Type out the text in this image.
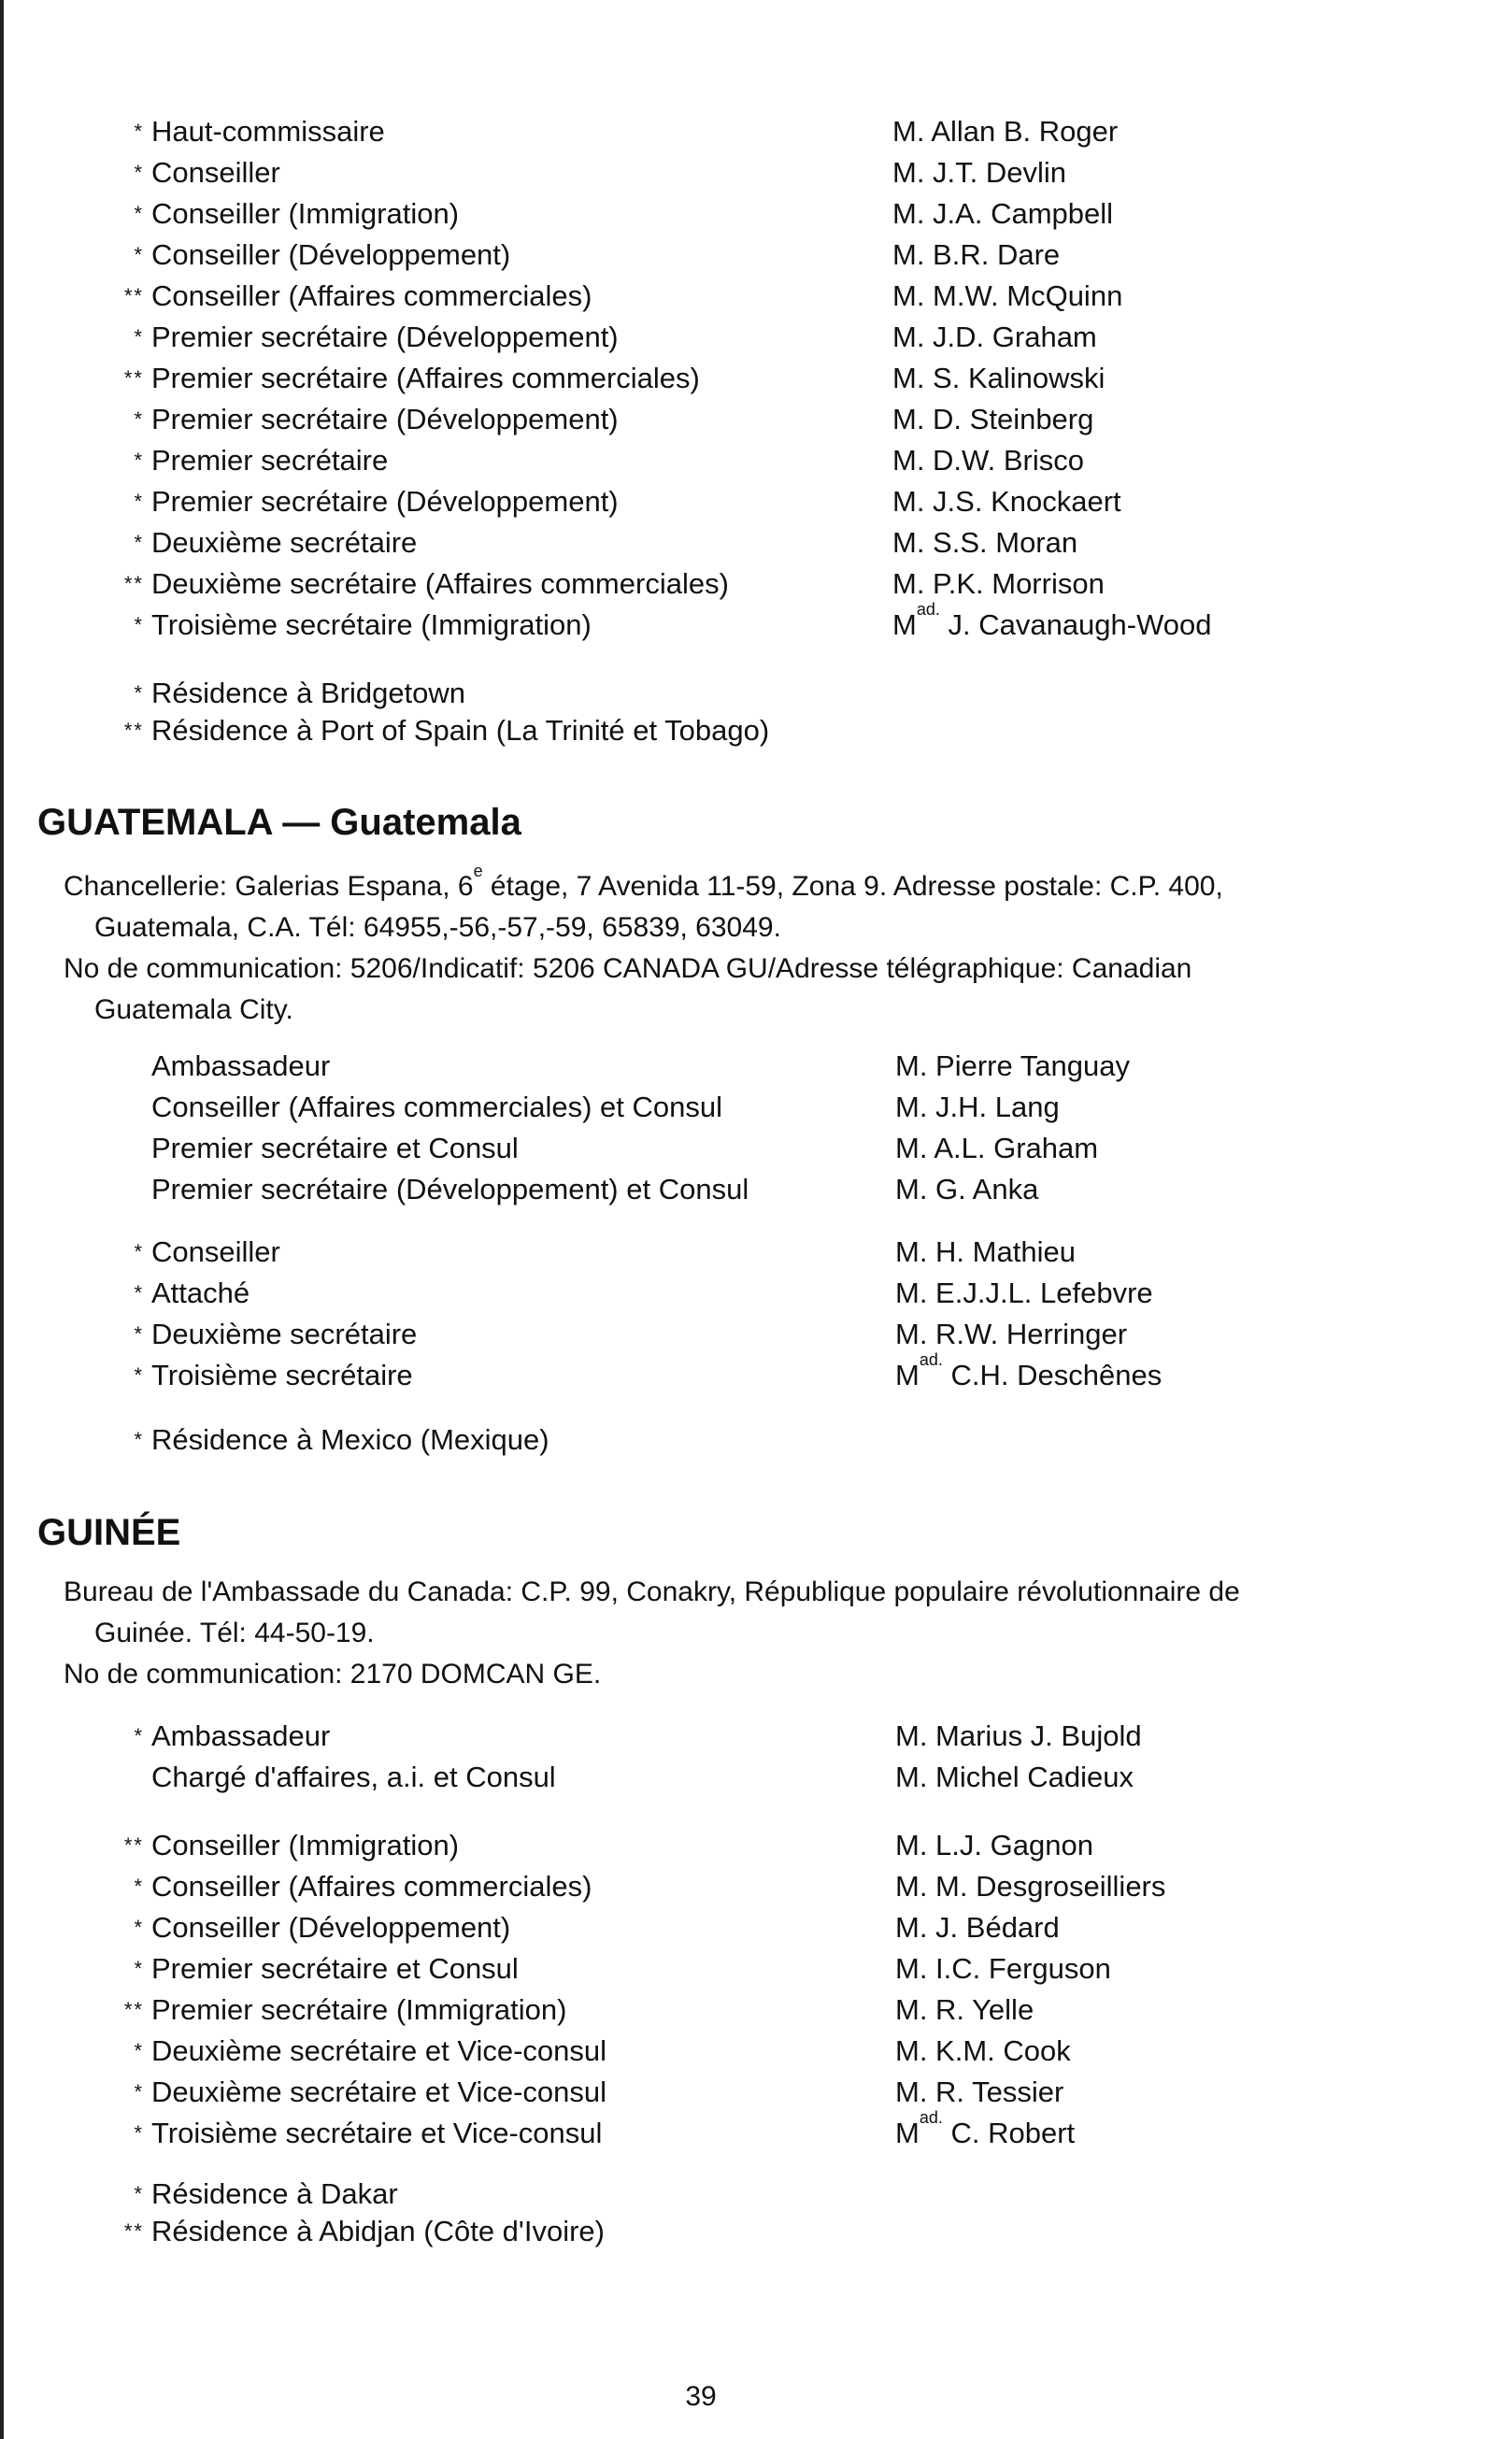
* Haut-commissaire	M. Allan B. Roger
* Conseiller	M. J.T. Devlin
* Conseiller (Immigration)	M. J.A. Campbell
* Conseiller (Développement)	M. B.R. Dare
** Conseiller (Affaires commerciales)	M. M.W. McQuinn
* Premier secrétaire (Développement)	M. J.D. Graham
** Premier secrétaire (Affaires commerciales)	M. S. Kalinowski
* Premier secrétaire (Développement)	M. D. Steinberg
* Premier secrétaire	M. D.W. Brisco
* Premier secrétaire (Développement)	M. J.S. Knockaert
* Deuxième secrétaire	M. S.S. Moran
** Deuxième secrétaire (Affaires commerciales)	M. P.K. Morrison
* Troisième secrétaire (Immigration)	$M^{ad.}$ J. Cavanaugh-Wood
* Résidence à Bridgetown
** Résidence à Port of Spain (La Trinité et Tobago)
GUATEMALA — Guatemala
Chancellerie: Galerias Espana, 6e étage, 7 Avenida 11-59, Zona 9. Adresse postale: C.P. 400,
Guatemala, C.A. Tél: 64955,-56,-57,-59, 65839, 63049.
No de communication: 5206/Indicatif: 5206 CANADA GU/Adresse télégraphique: Canadian
Guatemala City.
Ambassadeur	M. Pierre Tanguay
Conseiller (Affaires commerciales) et Consul	M. J.H. Lang
Premier secrétaire et Consul	M. A.L. Graham
Premier secrétaire (Développement) et Consul	M. G. Anka
* Conseiller	M. H. Mathieu
* Attaché	M. E.J.J.L. Lefebvre
* Deuxième secrétaire	M. R.W. Herringer
* Troisième secrétaire	$M^{ad.}$ C.H. Deschênes
* Résidence à Mexico (Mexique)
GUINÉE
Bureau de l'Ambassade du Canada: C.P. 99, Conakry, République populaire révolutionnaire de
Guinée. Tél: 44-50-19.
No de communication: 2170 DOMCAN GE.
* Ambassadeur	M. Marius J. Bujold
Chargé d'affaires, a.i. et Consul	M. Michel Cadieux
** Conseiller (Immigration)	M. L.J. Gagnon
* Conseiller (Affaires commerciales)	M. M. Desgroseilliers
* Conseiller (Développement)	M. J. Bédard
* Premier secrétaire et Consul	M. I.C. Ferguson
** Premier secrétaire (Immigration)	M. R. Yelle
* Deuxième secrétaire et Vice-consul	M. K.M. Cook
* Deuxième secrétaire et Vice-consul	M. R. Tessier
* Troisième secrétaire et Vice-consul	$M^{ad.}$ C. Robert
* Résidence à Dakar
** Résidence à Abidjan (Côte d'Ivoire)
39
